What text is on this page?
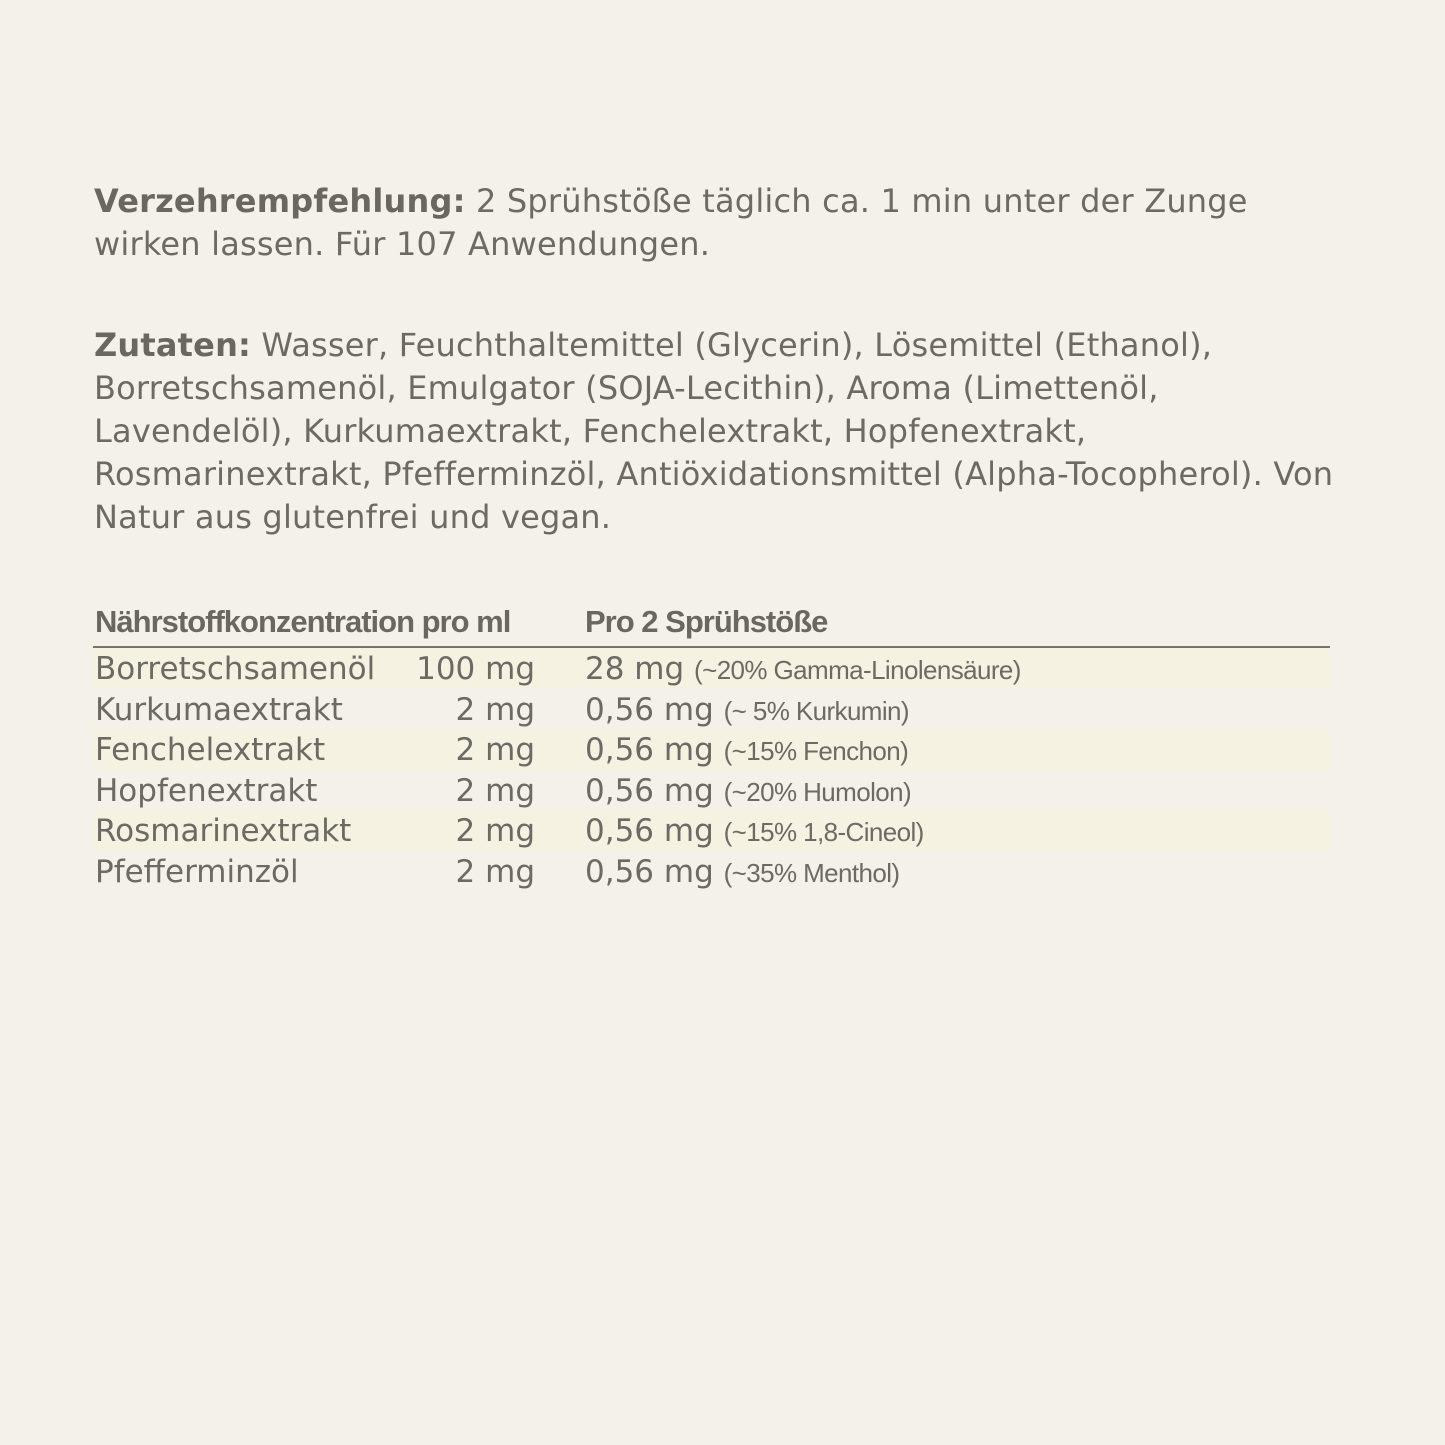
Verzehrempfehlung: 2 Sprühstöße täglich ca. 1 min unter der Zunge wirken lassen. Für 107 Anwendungen.
Zutaten: Wasser, Feuchthaltemittel (Glycerin), Lösemittel (Ethanol), Borretschsamenöl, Emulgator (SOJA-Lecithin), Aroma (Limettenöl, Lavendelöl), Kurkumaextrakt, Fenchelextrakt, Hopfenextrakt, Rosmarinextrakt, Pfefferminzöl, Antiöxidationsmittel (Alpha-Tocopherol). Von Natur aus glutenfrei und vegan.
Nährstoffkonzentration pro ml Pro 2 Sprühstöße
Borretschsamenöl	100 mg 28 mg (~20% Gamma-Linolensäure)
Kurkumaextrakt	2 mg 0,56 mg (~ 5% Kurkumin)
Fenchelextrakt	2 mg 0,56 mg (~15% Fenchon)
Hopfenextrakt	2 mg 0,56 mg (~20% Humolon)
Rosmarinextrakt	2 mg 0,56 mg (~15% 1,8-Cineol)
Pfefferminzöl	2 mg 0,56 mg (~35% Menthol)
